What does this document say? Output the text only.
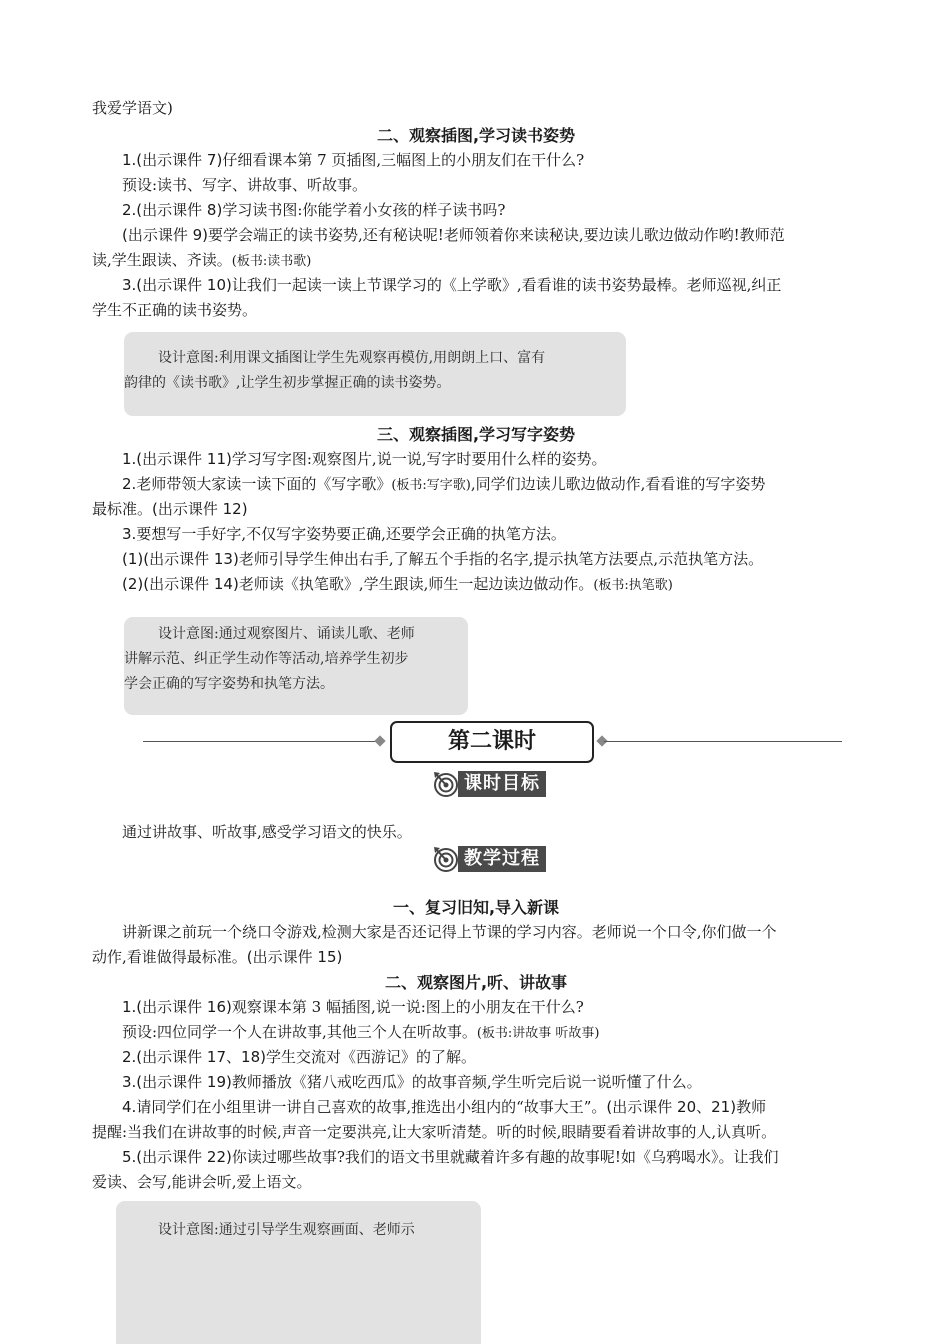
我爱学语文)
二、观察插图,学习读书姿势
1.(出示课件 7)仔细看课本第 7 页插图,三幅图上的小朋友们在干什么?
预设:读书、写字、讲故事、听故事。
2.(出示课件 8)学习读书图:你能学着小女孩的样子读书吗?
(出示课件 9)要学会端正的读书姿势,还有秘诀呢!老师领着你来读秘诀,要边读儿歌边做动作哟!教师范
读,学生跟读、齐读。(板书:读书歌)
3.(出示课件 10)让我们一起读一读上节课学习的《上学歌》,看看谁的读书姿势最棒。老师巡视,纠正
学生不正确的读书姿势。
设计意图:利用课文插图让学生先观察再模仿,用朗朗上口、富有
韵律的《读书歌》,让学生初步掌握正确的读书姿势。
三、观察插图,学习写字姿势
1.(出示课件 11)学习写字图:观察图片,说一说,写字时要用什么样的姿势。
2.老师带领大家读一读下面的《写字歌》(板书:写字歌),同学们边读儿歌边做动作,看看谁的写字姿势
最标准。(出示课件 12)
3.要想写一手好字,不仅写字姿势要正确,还要学会正确的执笔方法。
(1)(出示课件 13)老师引导学生伸出右手,了解五个手指的名字,提示执笔方法要点,示范执笔方法。
(2)(出示课件 14)老师读《执笔歌》,学生跟读,师生一起边读边做动作。(板书:执笔歌)
设计意图:通过观察图片、诵读儿歌、老师
讲解示范、纠正学生动作等活动,培养学生初步
学会正确的写字姿势和执笔方法。
第二课时
课时目标
通过讲故事、听故事,感受学习语文的快乐。
教学过程
一、复习旧知,导入新课
讲新课之前玩一个绕口令游戏,检测大家是否还记得上节课的学习内容。老师说一个口令,你们做一个
动作,看谁做得最标准。(出示课件 15)
二、观察图片,听、讲故事
1.(出示课件 16)观察课本第 3 幅插图,说一说:图上的小朋友在干什么?
预设:四位同学一个人在讲故事,其他三个人在听故事。(板书:讲故事 听故事)
2.(出示课件 17、18)学生交流对《西游记》的了解。
3.(出示课件 19)教师播放《猪八戒吃西瓜》的故事音频,学生听完后说一说听懂了什么。
4.请同学们在小组里讲一讲自己喜欢的故事,推选出小组内的“故事大王”。(出示课件 20、21)教师
提醒:当我们在讲故事的时候,声音一定要洪亮,让大家听清楚。听的时候,眼睛要看着讲故事的人,认真听。
5.(出示课件 22)你读过哪些故事?我们的语文书里就藏着许多有趣的故事呢!如《乌鸦喝水》。让我们
爱读、会写,能讲会听,爱上语文。
设计意图:通过引导学生观察画面、老师示
